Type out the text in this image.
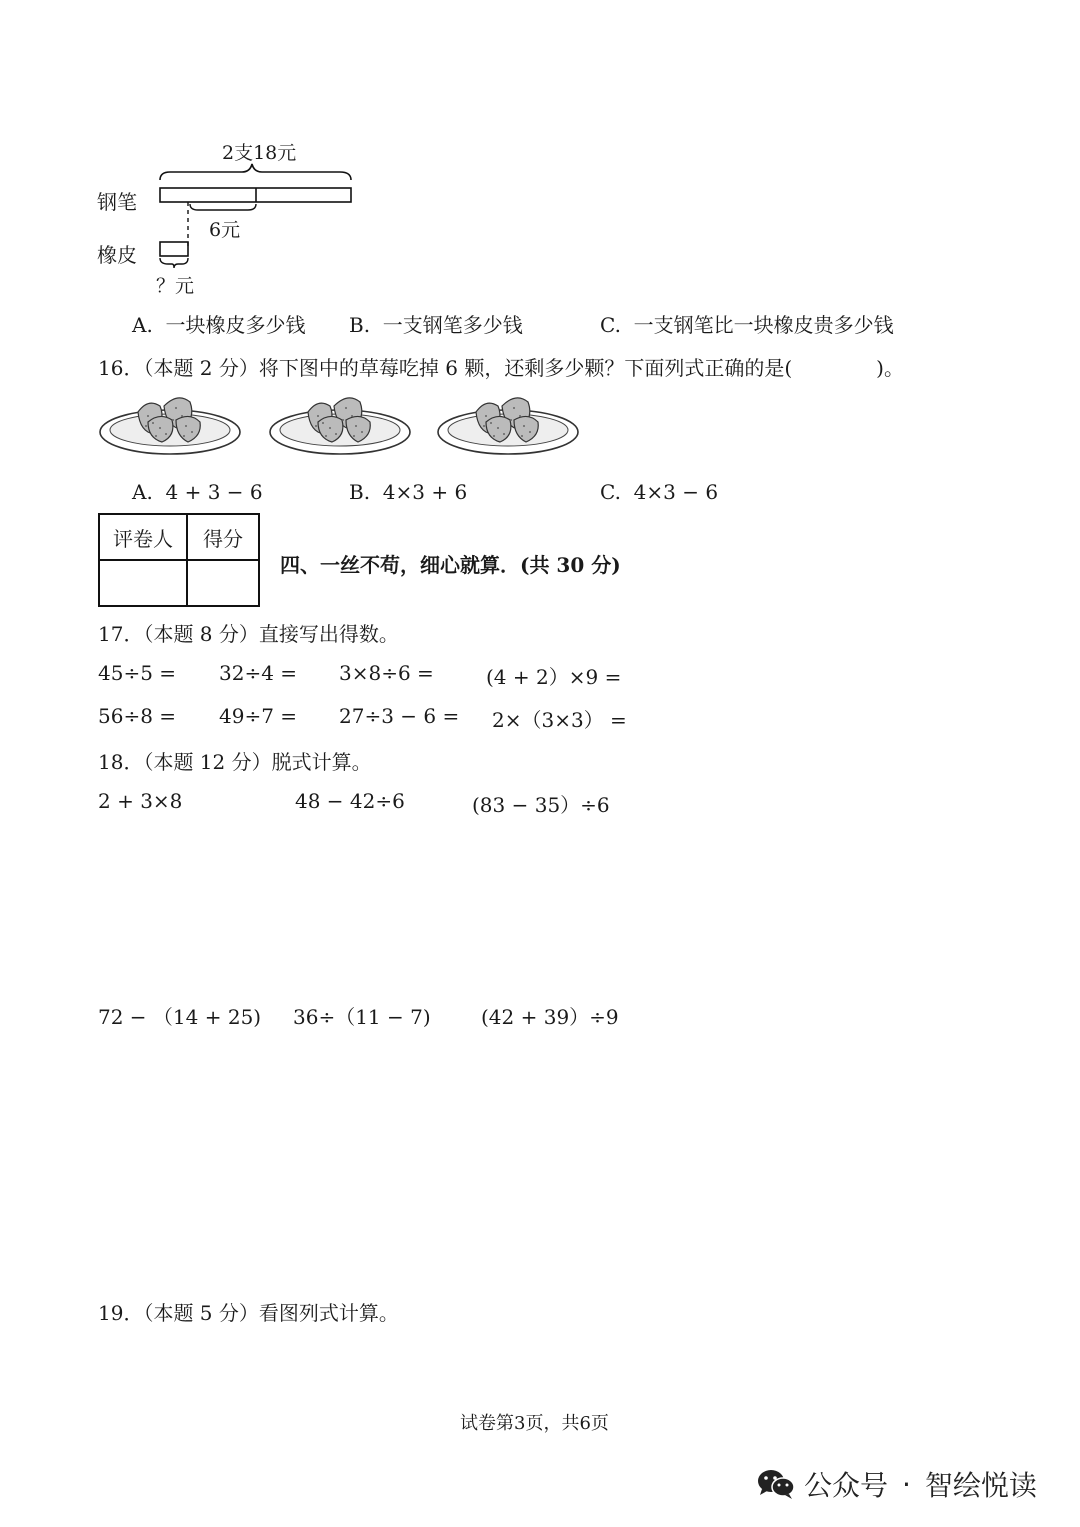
2支18元
钢笔
6元
橡皮
？元
A. 一块橡皮多少钱 B. 一支钢笔多少钱	C. 一支钢笔比一块橡皮贵多少钱
16．（本题 2 分）将下图中的草莓吃掉 6 颗，还剩多少颗？下面列式正确的是(	)。
A. 4 + 3 − 6	B. 4×3 + 6	C. 4×3 − 6
评卷人	得分
四、一丝不苟，细心就算．(共 30 分)
17．（本题 8 分）直接写出得数。
45÷5 = 32÷4 = 3×8÷6 =	(4 + 2）×9 =
56÷8 = 49÷7 = 27÷3 − 6 = 2×（3×3） =
18．（本题 12 分）脱式计算。
2 + 3×8	48 − 42÷6	(83 − 35）÷6
72 − （14 + 25) 36÷（11 − 7)	(42 + 39）÷9
19．（本题 5 分）看图列式计算。
试卷第3页，共6页
公众号 · 智绘悦读
